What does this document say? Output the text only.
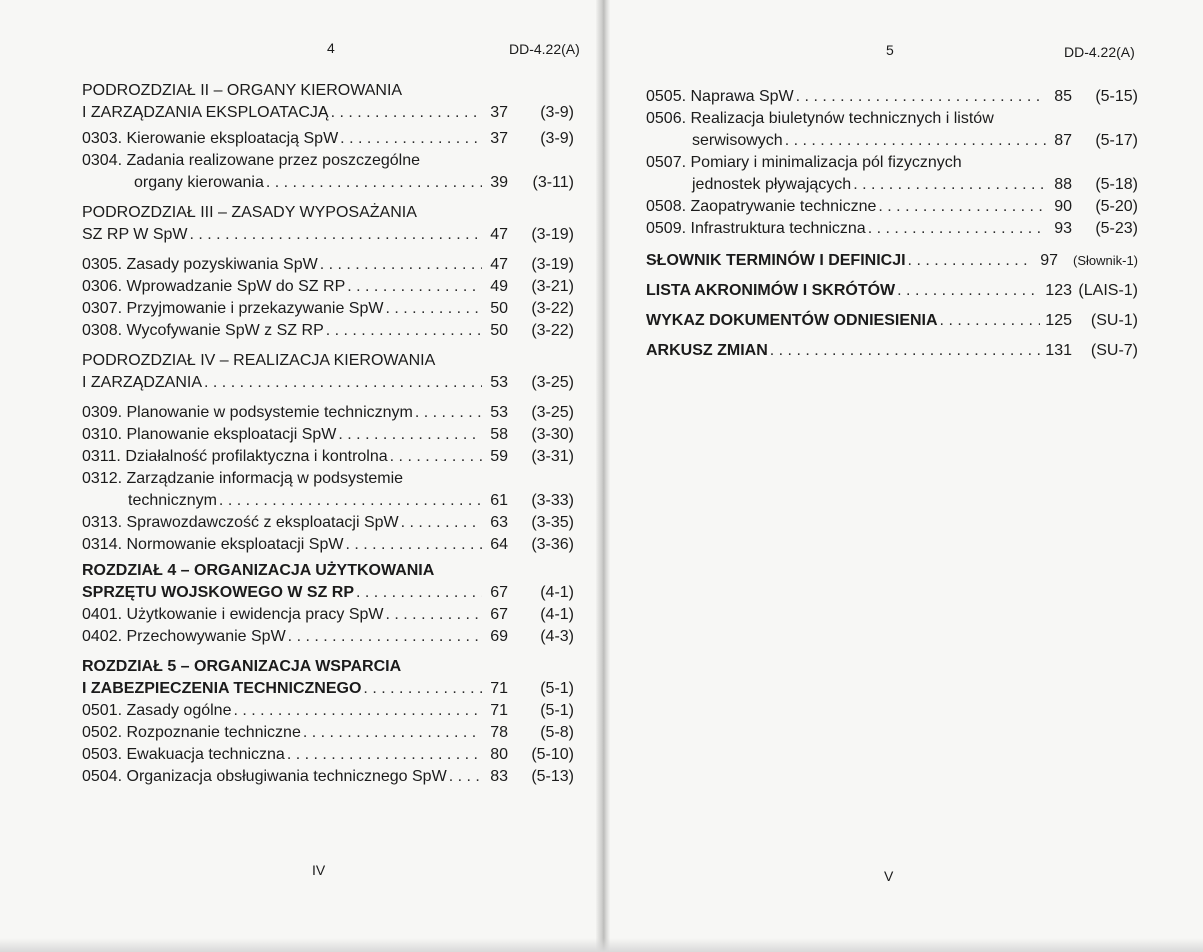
4	DD-4.22(A)
PODROZDZIAŁ II – ORGANY KIEROWANIA
I ZARZĄDZANIA EKSPLOATACJĄ . . .	37	(3-9)
0303. Kierowanie eksploatacją SpW . . .	37	(3-9)
0304. Zadania realizowane przez poszczególne
organy kierowania . . .	39	(3-11)
PODROZDZIAŁ III – ZASADY WYPOSAŻANIA
SZ RP W SpW . . .	47	(3-19)
0305. Zasady pozyskiwania SpW . . .	47	(3-19)
0306. Wprowadzanie SpW do SZ RP . . .	49	(3-21)
0307. Przyjmowanie i przekazywanie SpW . . .	50	(3-22)
0308. Wycofywanie SpW z SZ RP . . .	50	(3-22)
PODROZDZIAŁ IV – REALIZACJA KIEROWANIA
I ZARZĄDZANIA . . .	53	(3-25)
0309. Planowanie w podsystemie technicznym . . .	53	(3-25)
0310. Planowanie eksploatacji SpW . . .	58	(3-30)
0311. Działalność profilaktyczna i kontrolna . . .	59	(3-31)
0312. Zarządzanie informacją w podsystemie
technicznym . . .	61	(3-33)
0313. Sprawozdawczość z eksploatacji SpW . . .	63	(3-35)
0314. Normowanie eksploatacji SpW . . .	64	(3-36)
ROZDZIAŁ 4 – ORGANIZACJA UŻYTKOWANIA
SPRZĘTU WOJSKOWEGO W SZ RP . . .	67	(4-1)
0401. Użytkowanie i ewidencja pracy SpW . . .	67	(4-1)
0402. Przechowywanie SpW . . .	69	(4-3)
ROZDZIAŁ 5 – ORGANIZACJA WSPARCIA
I ZABEZPIECZENIA TECHNICZNEGO . . .	71	(5-1)
0501. Zasady ogólne . . .	71	(5-1)
0502. Rozpoznanie techniczne . . .	78	(5-8)
0503. Ewakuacja techniczna . . .	80	(5-10)
0504. Organizacja obsługiwania technicznego SpW . . .	83	(5-13)
IV
5	DD-4.22(A)
0505. Naprawa SpW . . .	85	(5-15)
0506. Realizacja biuletynów technicznych i listów
serwisowych . . .	87	(5-17)
0507. Pomiary i minimalizacja pól fizycznych
jednostek pływających . . .	88	(5-18)
0508. Zaopatrywanie techniczne . . .	90	(5-20)
0509. Infrastruktura techniczna . . .	93	(5-23)
SŁOWNIK TERMINÓW I DEFINICJI . . .	97	(Słownik-1)
LISTA AKRONIMÓW I SKRÓTÓW . . .	123 (LAIS-1)
WYKAZ DOKUMENTÓW ODNIESIENIA . . .	125	(SU-1)
ARKUSZ ZMIAN . . .	131	(SU-7)
V
